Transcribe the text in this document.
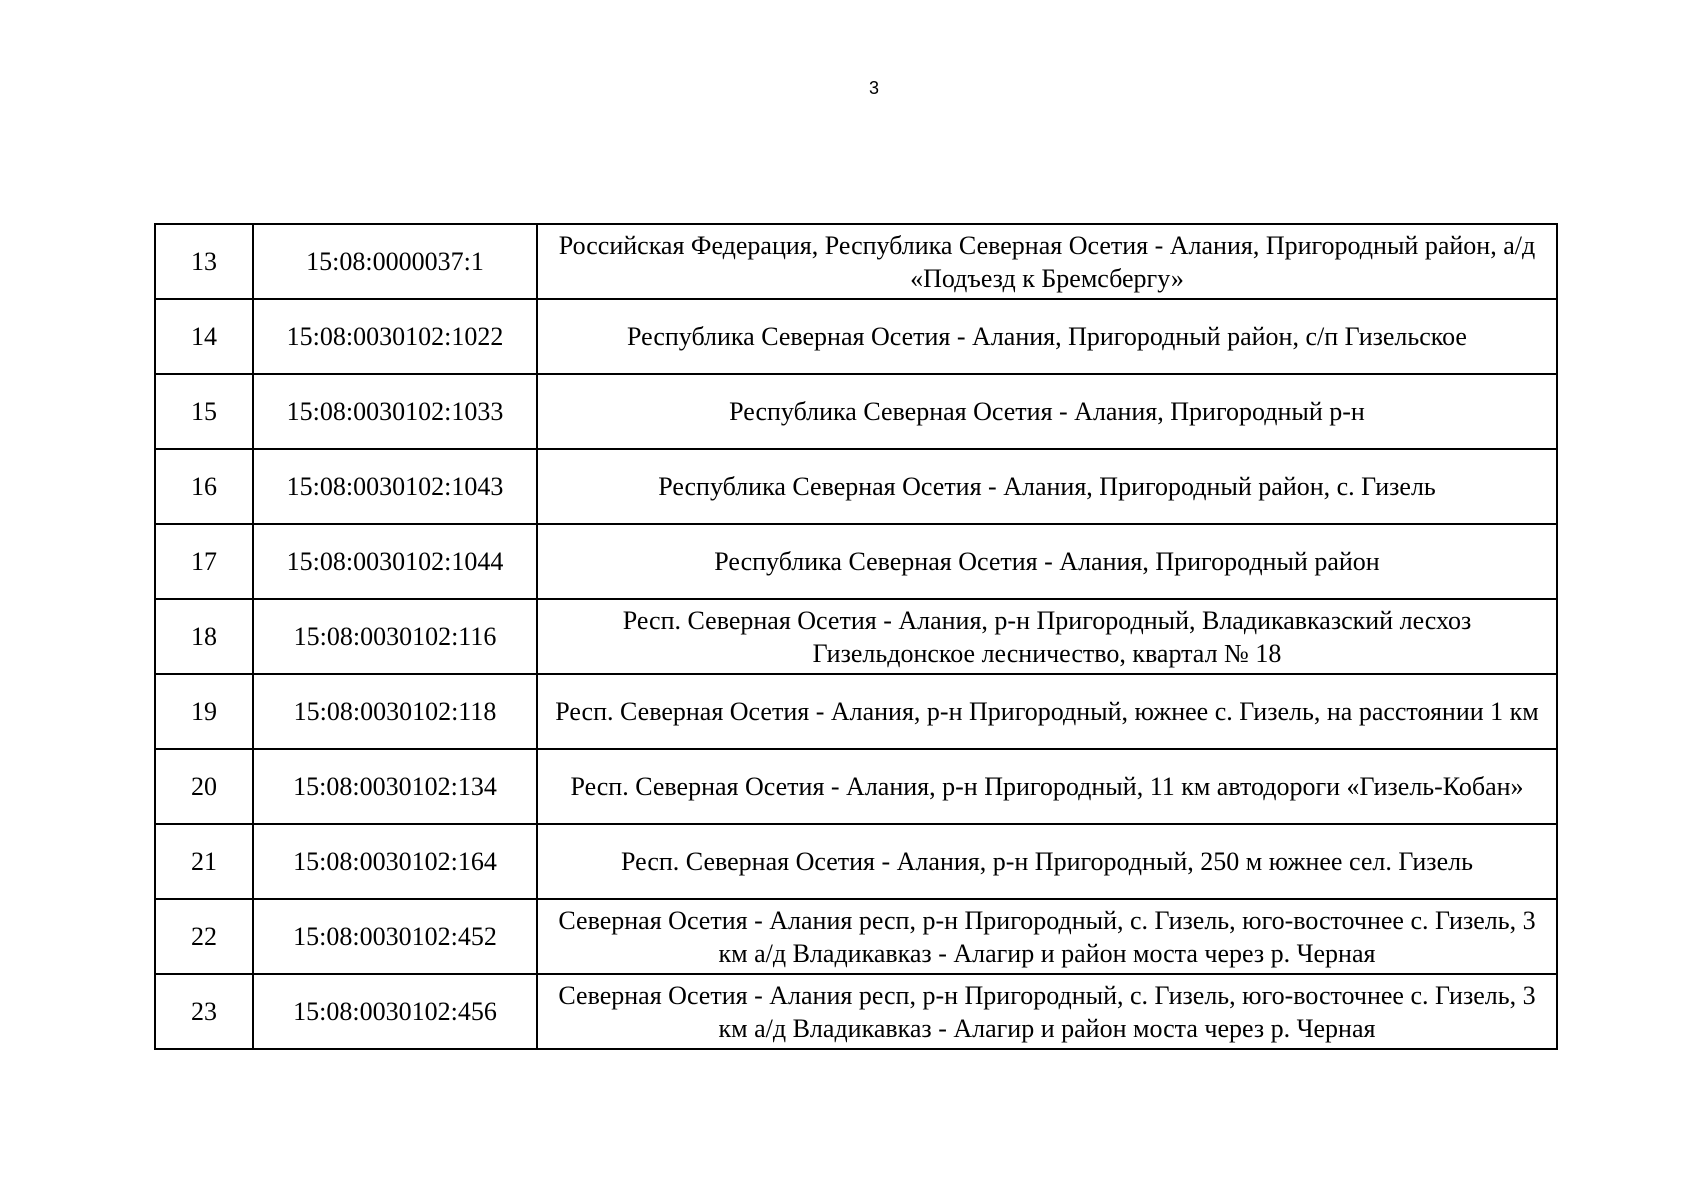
3
13	15:08:0000037:1	Российская Федерация, Республика Северная Осетия - Алания, Пригородный район, а/д «Подъезд к Бремсбергу»
14	15:08:0030102:1022	Республика Северная Осетия - Алания, Пригородный район, с/п Гизельское
15	15:08:0030102:1033	Республика Северная Осетия - Алания, Пригородный р-н
16	15:08:0030102:1043	Республика Северная Осетия - Алания, Пригородный район, с. Гизель
17	15:08:0030102:1044	Республика Северная Осетия - Алания, Пригородный район
18	15:08:0030102:116	Респ. Северная Осетия - Алания, р-н Пригородный, Владикавказский лесхоз Гизельдонское лесничество, квартал № 18
19	15:08:0030102:118	Респ. Северная Осетия - Алания, р-н Пригородный, южнее с. Гизель, на расстоянии 1 км
20	15:08:0030102:134	Респ. Северная Осетия - Алания, р-н Пригородный, 11 км автодороги «Гизель-Кобан»
21	15:08:0030102:164	Респ. Северная Осетия - Алания, р-н Пригородный, 250 м южнее сел. Гизель
22	15:08:0030102:452	Северная Осетия - Алания респ, р-н Пригородный, с. Гизель, юго-восточнее с. Гизель, 3 км а/д Владикавказ - Алагир и район моста через р. Черная
23	15:08:0030102:456	Северная Осетия - Алания респ, р-н Пригородный, с. Гизель, юго-восточнее с. Гизель, 3 км а/д Владикавказ - Алагир и район моста через р. Черная
